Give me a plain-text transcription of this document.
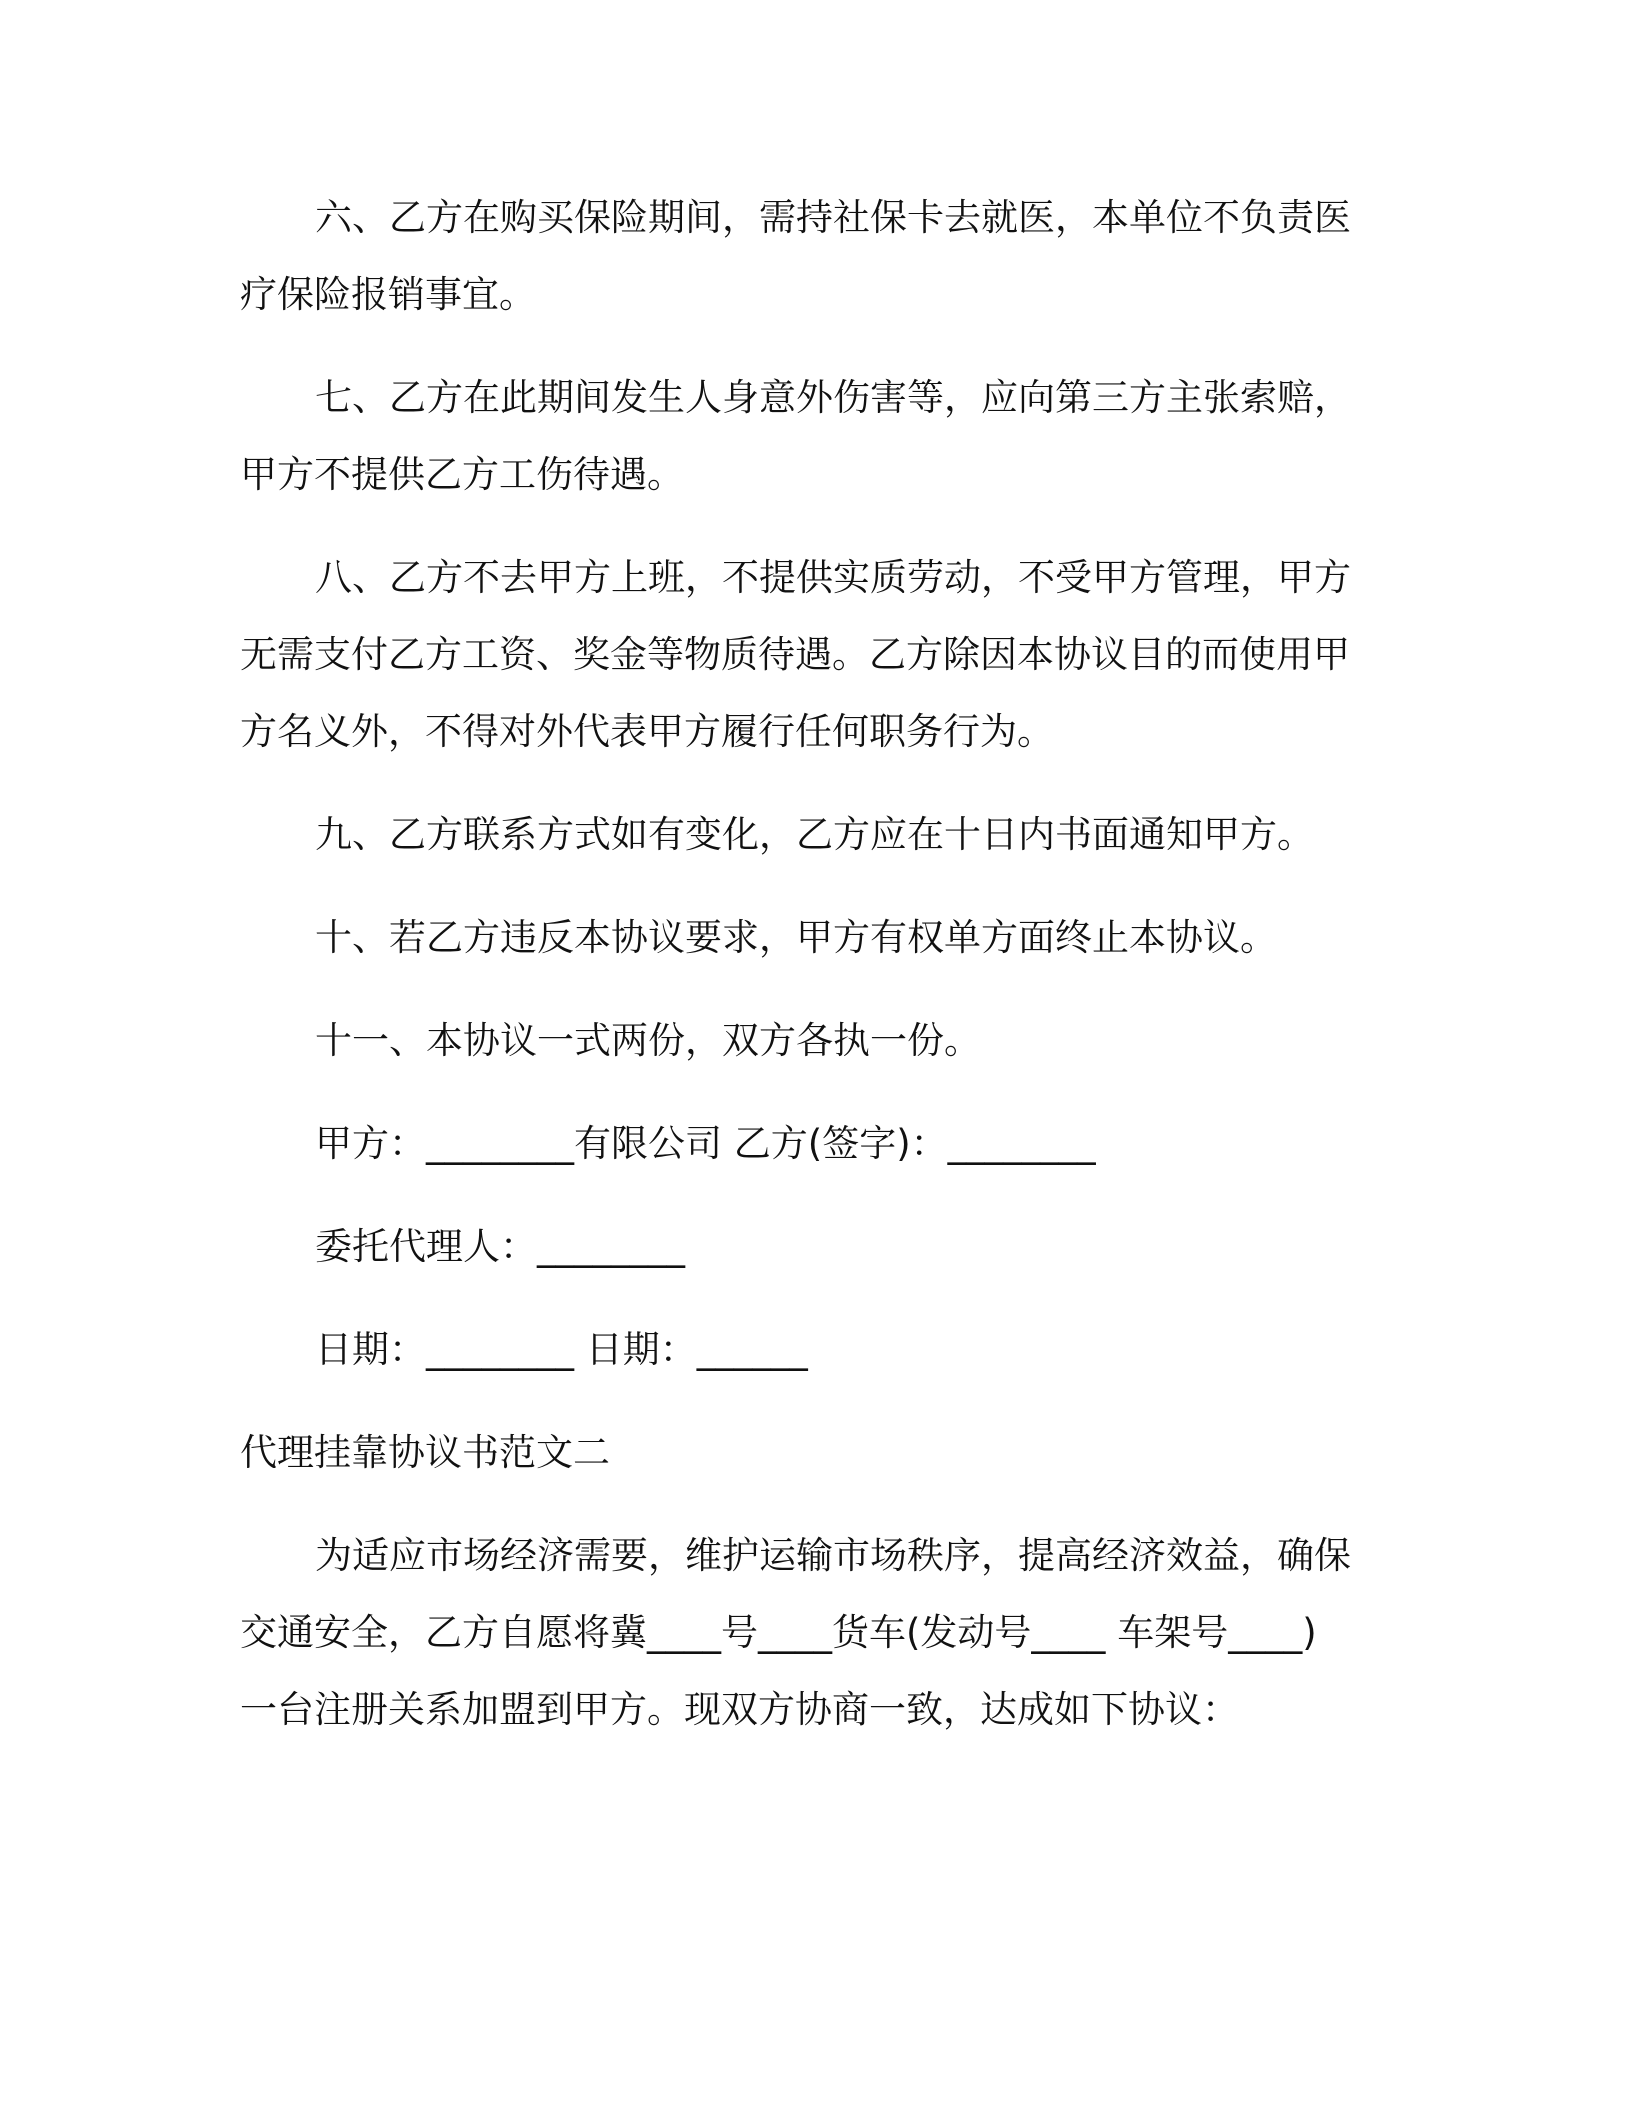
六、乙方在购买保险期间，需持社保卡去就医，本单位不负责医
疗保险报销事宜。
七、乙方在此期间发生人身意外伤害等，应向第三方主张索赔，
甲方不提供乙方工伤待遇。
八、乙方不去甲方上班，不提供实质劳动，不受甲方管理，甲方
无需支付乙方工资、奖金等物质待遇。乙方除因本协议目的而使用甲
方名义外，不得对外代表甲方履行任何职务行为。
九、乙方联系方式如有变化，乙方应在十日内书面通知甲方。
十、若乙方违反本协议要求，甲方有权单方面终止本协议。
十一、本协议一式两份，双方各执一份。
甲方：________有限公司 乙方(签字)：________
委托代理人：________
日期：________ 日期：______
代理挂靠协议书范文二
为适应市场经济需要，维护运输市场秩序，提高经济效益，确保
交通安全，乙方自愿将冀____号____货车(发动号____ 车架号____)
一台注册关系加盟到甲方。现双方协商一致，达成如下协议：
